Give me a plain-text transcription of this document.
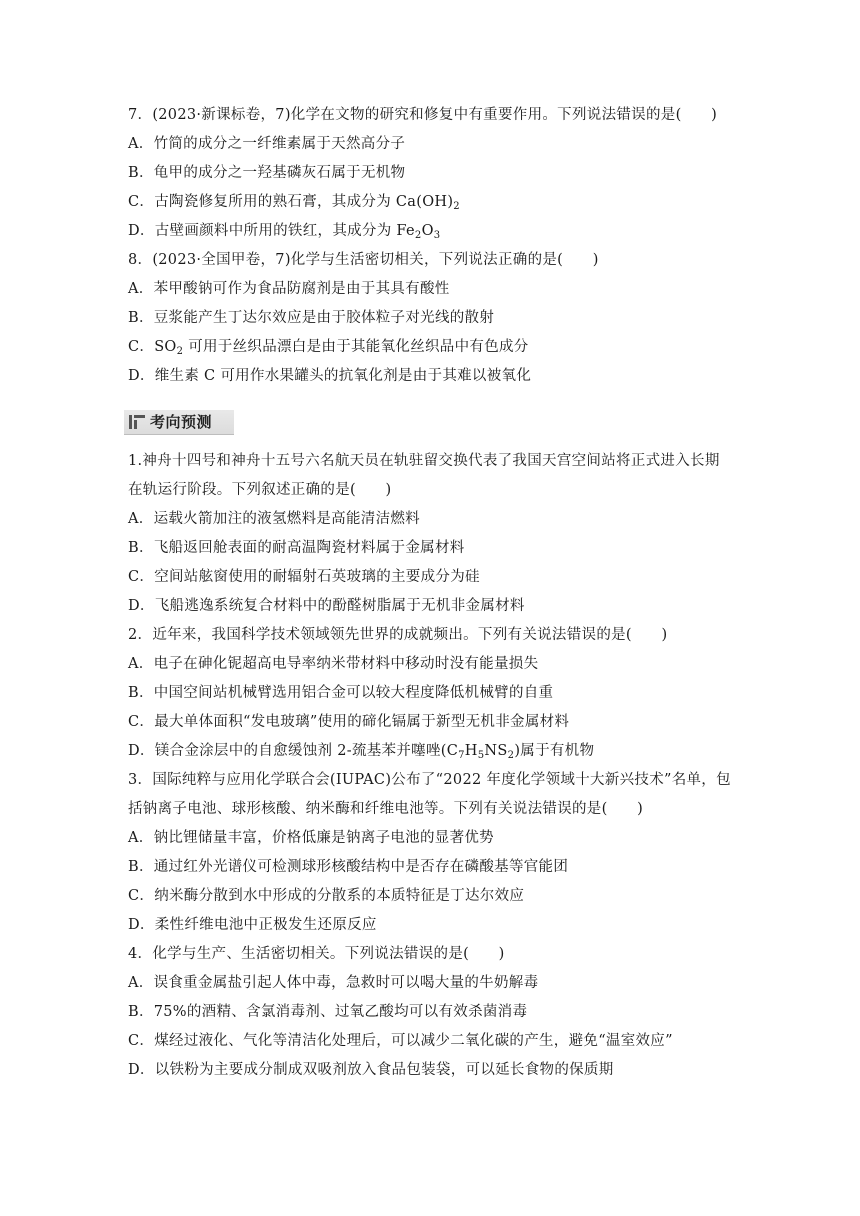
7．(2023·新课标卷，7)化学在文物的研究和修复中有重要作用。下列说法错误的是(　　)
A．竹简的成分之一纤维素属于天然高分子
B．龟甲的成分之一羟基磷灰石属于无机物
C．古陶瓷修复所用的熟石膏，其成分为 $Ca(OH)_2$
D．古壁画颜料中所用的铁红，其成分为 $Fe_2O_3$
8．(2023·全国甲卷，7)化学与生活密切相关，下列说法正确的是(　　)
A．苯甲酸钠可作为食品防腐剂是由于其具有酸性
B．豆浆能产生丁达尔效应是由于胶体粒子对光线的散射
C．$SO_2$ 可用于丝织品漂白是由于其能氧化丝织品中有色成分
D．维生素 C 可用作水果罐头的抗氧化剂是由于其难以被氧化
考向预测
1.神舟十四号和神舟十五号六名航天员在轨驻留交换代表了我国天宫空间站将正式进入长期
在轨运行阶段。下列叙述正确的是(　　)
A．运载火箭加注的液氢燃料是高能清洁燃料
B．飞船返回舱表面的耐高温陶瓷材料属于金属材料
C．空间站舷窗使用的耐辐射石英玻璃的主要成分为硅
D．飞船逃逸系统复合材料中的酚醛树脂属于无机非金属材料
2．近年来，我国科学技术领域领先世界的成就频出。下列有关说法错误的是(　　)
A．电子在砷化铌超高电导率纳米带材料中移动时没有能量损失
B．中国空间站机械臂选用铝合金可以较大程度降低机械臂的自重
C．最大单体面积“发电玻璃”使用的碲化镉属于新型无机非金属材料
D．镁合金涂层中的自愈缓蚀剂 2-巯基苯并噻唑$(C_7H_5NS_2)$属于有机物
3．国际纯粹与应用化学联合会(IUPAC)公布了“2022 年度化学领域十大新兴技术”名单，包
括钠离子电池、球形核酸、纳米酶和纤维电池等。下列有关说法错误的是(　　)
A．钠比锂储量丰富，价格低廉是钠离子电池的显著优势
B．通过红外光谱仪可检测球形核酸结构中是否存在磷酸基等官能团
C．纳米酶分散到水中形成的分散系的本质特征是丁达尔效应
D．柔性纤维电池中正极发生还原反应
4．化学与生产、生活密切相关。下列说法错误的是(　　)
A．误食重金属盐引起人体中毒，急救时可以喝大量的牛奶解毒
B．75%的酒精、含氯消毒剂、过氧乙酸均可以有效杀菌消毒
C．煤经过液化、气化等清洁化处理后，可以减少二氧化碳的产生，避免“温室效应”
D．以铁粉为主要成分制成双吸剂放入食品包装袋，可以延长食物的保质期
